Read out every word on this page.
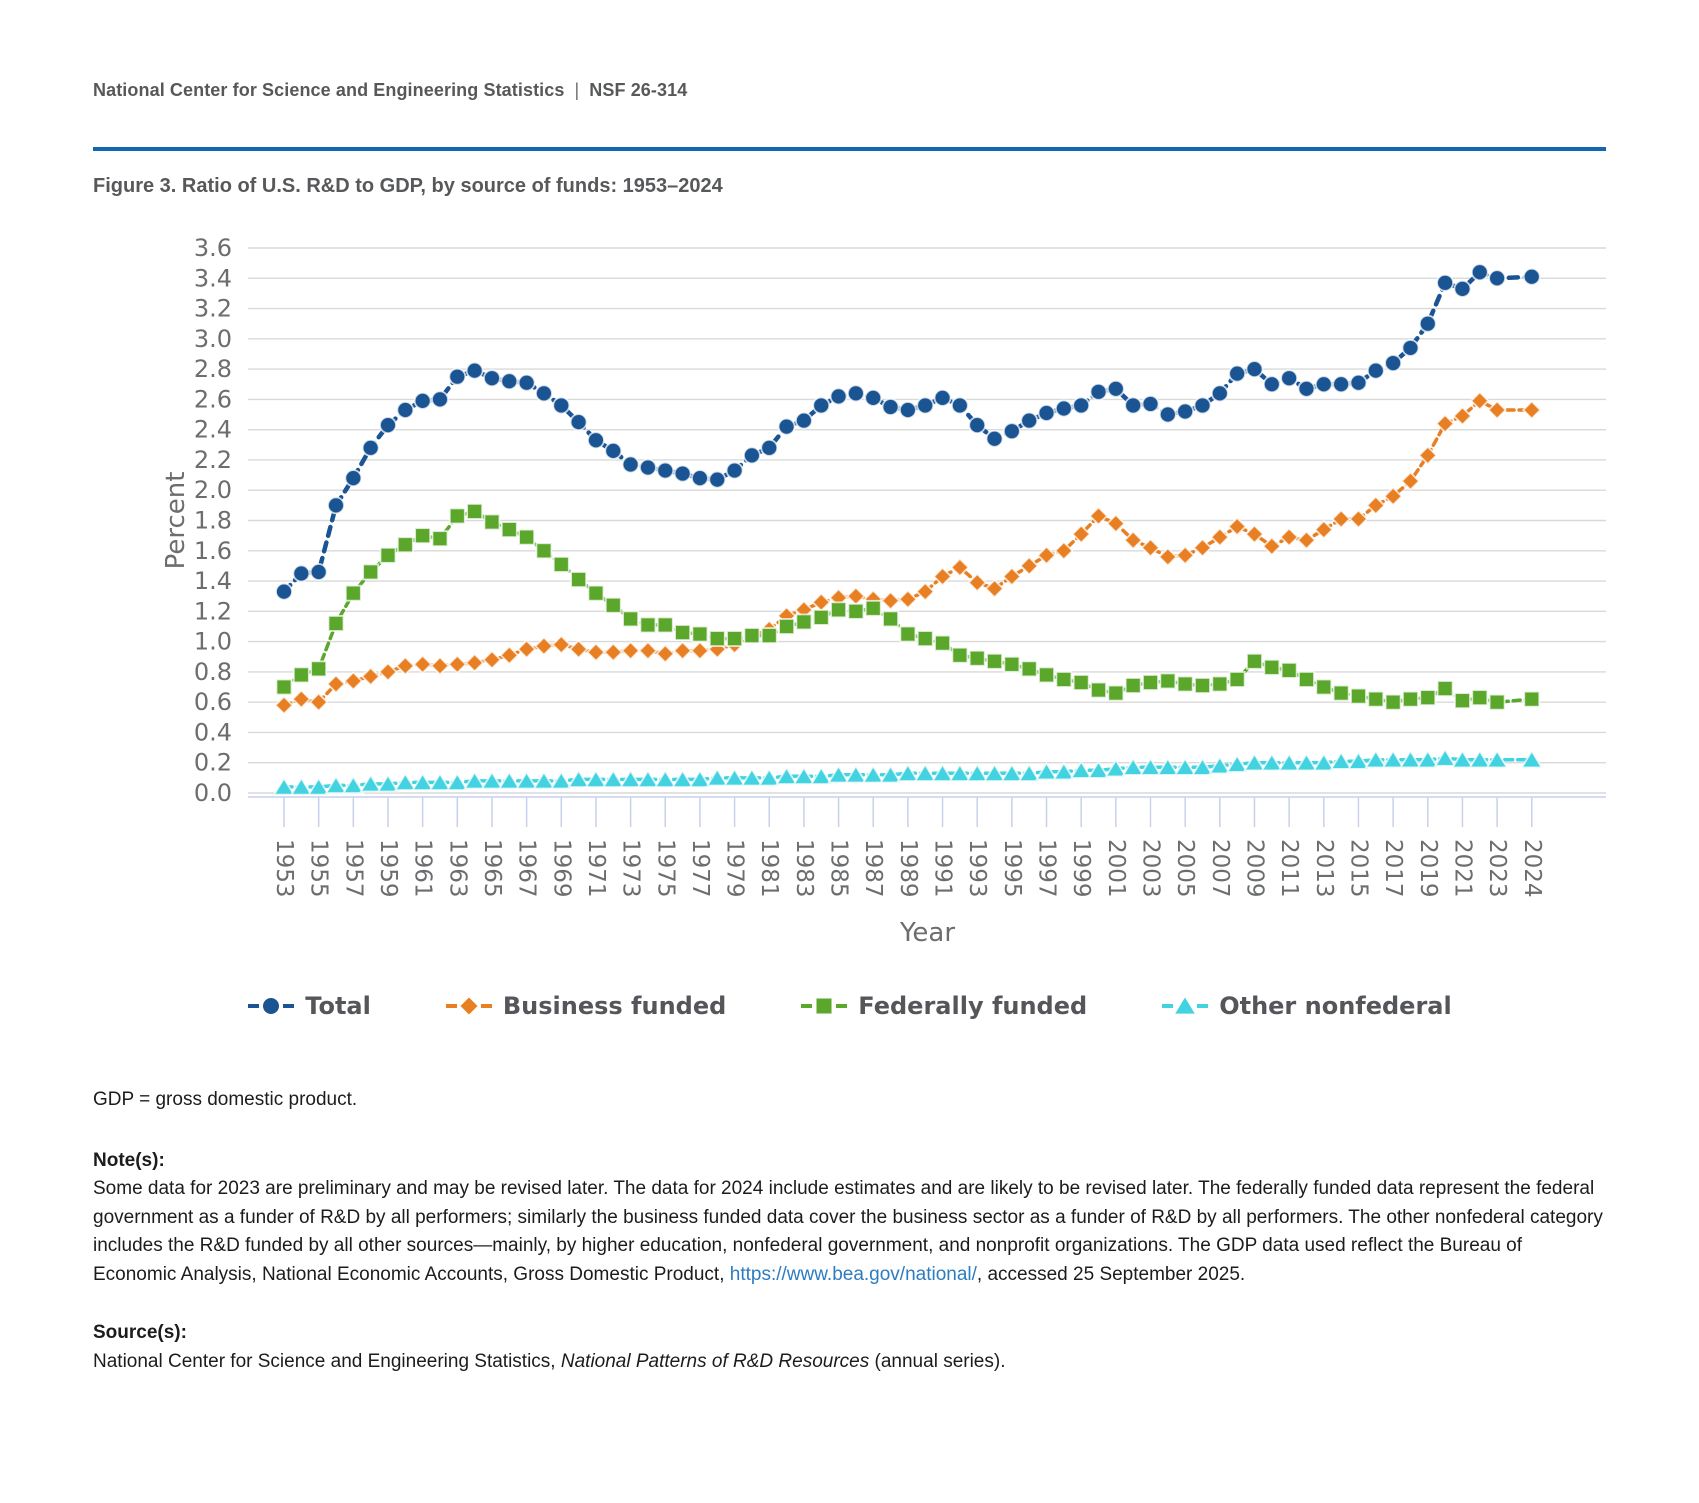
National Center for Science and Engineering Statistics | NSF 26-314
Figure 3. Ratio of U.S. R&D to GDP, by source of funds: 1953–2024
0.0
0.2
0.4
0.6
0.8
1.0
1.2
1.4
1.6
1.8
2.0
2.2
2.4
2.6
2.8
3.0
3.2
3.4
3.6
Percent
1953 1955 1957 1959 1961 1963 1965 1967 1969 1971 1973 1975 1977 1979 1981 1983 1985 1987 1989 1991 1993 1995 1997 1999 2001 2003 2005 2007 2009 2011 2013 2015 2017 2019 2021 2023 2024
Year
Total	Business funded	Federally funded	Other nonfederal

GDP = gross domestic product.

Note(s):

Some data for 2023 are preliminary and may be revised later. The data for 2024 include estimates and are likely to be revised later. The federally funded data represent the federal government as a funder of R&D by all performers; similarly the business funded data cover the business sector as a funder of R&D by all performers. The other nonfederal category includes the R&D funded by all other sources—mainly, by higher education, nonfederal government, and nonprofit organizations. The GDP data used reflect the Bureau of Economic Analysis, National Economic Accounts, Gross Domestic Product, https://www.bea.gov/national/, accessed 25 September 2025.

Source(s):

National Center for Science and Engineering Statistics, National Patterns of R&D Resources (annual series).
